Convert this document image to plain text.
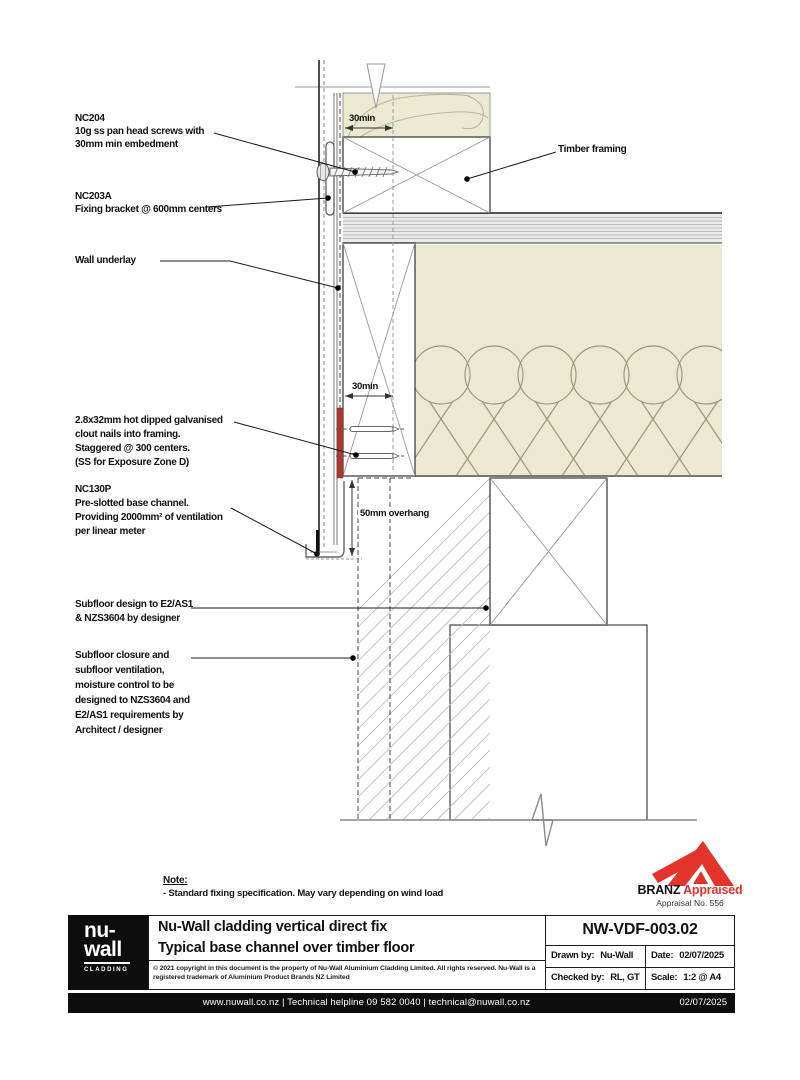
NC204
10g ss pan head screws with
30mm min embedment
NC203A
Fixing bracket @ 600mm centers
Wall underlay
2.8x32mm hot dipped galvanised
clout nails into framing.
Staggered @ 300 centers.
(SS for Exposure Zone D)
NC130P
Pre-slotted base channel.
Providing 2000mm² of ventilation
per linear meter
Subfloor design to E2/AS1
& NZS3604 by designer
Subfloor closure and
subfloor ventilation,
moisture control to be
designed to NZS3604 and
E2/AS1 requirements by
Architect / designer
Timber framing
30min
30min
50mm overhang
Note:
- Standard fixing specification. May vary depending on wind load	BRANZ Appraised
Appraisal No. 556
nu-
wall
CLADDING
Nu-Wall cladding vertical direct fix
Typical base channel over timber floor
© 2021 copyright in this document is the property of Nu-Wall Aluminium Cladding Limited. All rights reserved. Nu-Wall is a registered trademark of Aluminium Product Brands NZ Limited
NW-VDF-003.02
Drawn by: Nu-Wall Date: 02/07/2025
Checked by: RL, GT Scale: 1:2 @ A4
www.nuwall.co.nz | Technical helpline 09 582 0040 | technical@nuwall.co.nz	02/07/2025
